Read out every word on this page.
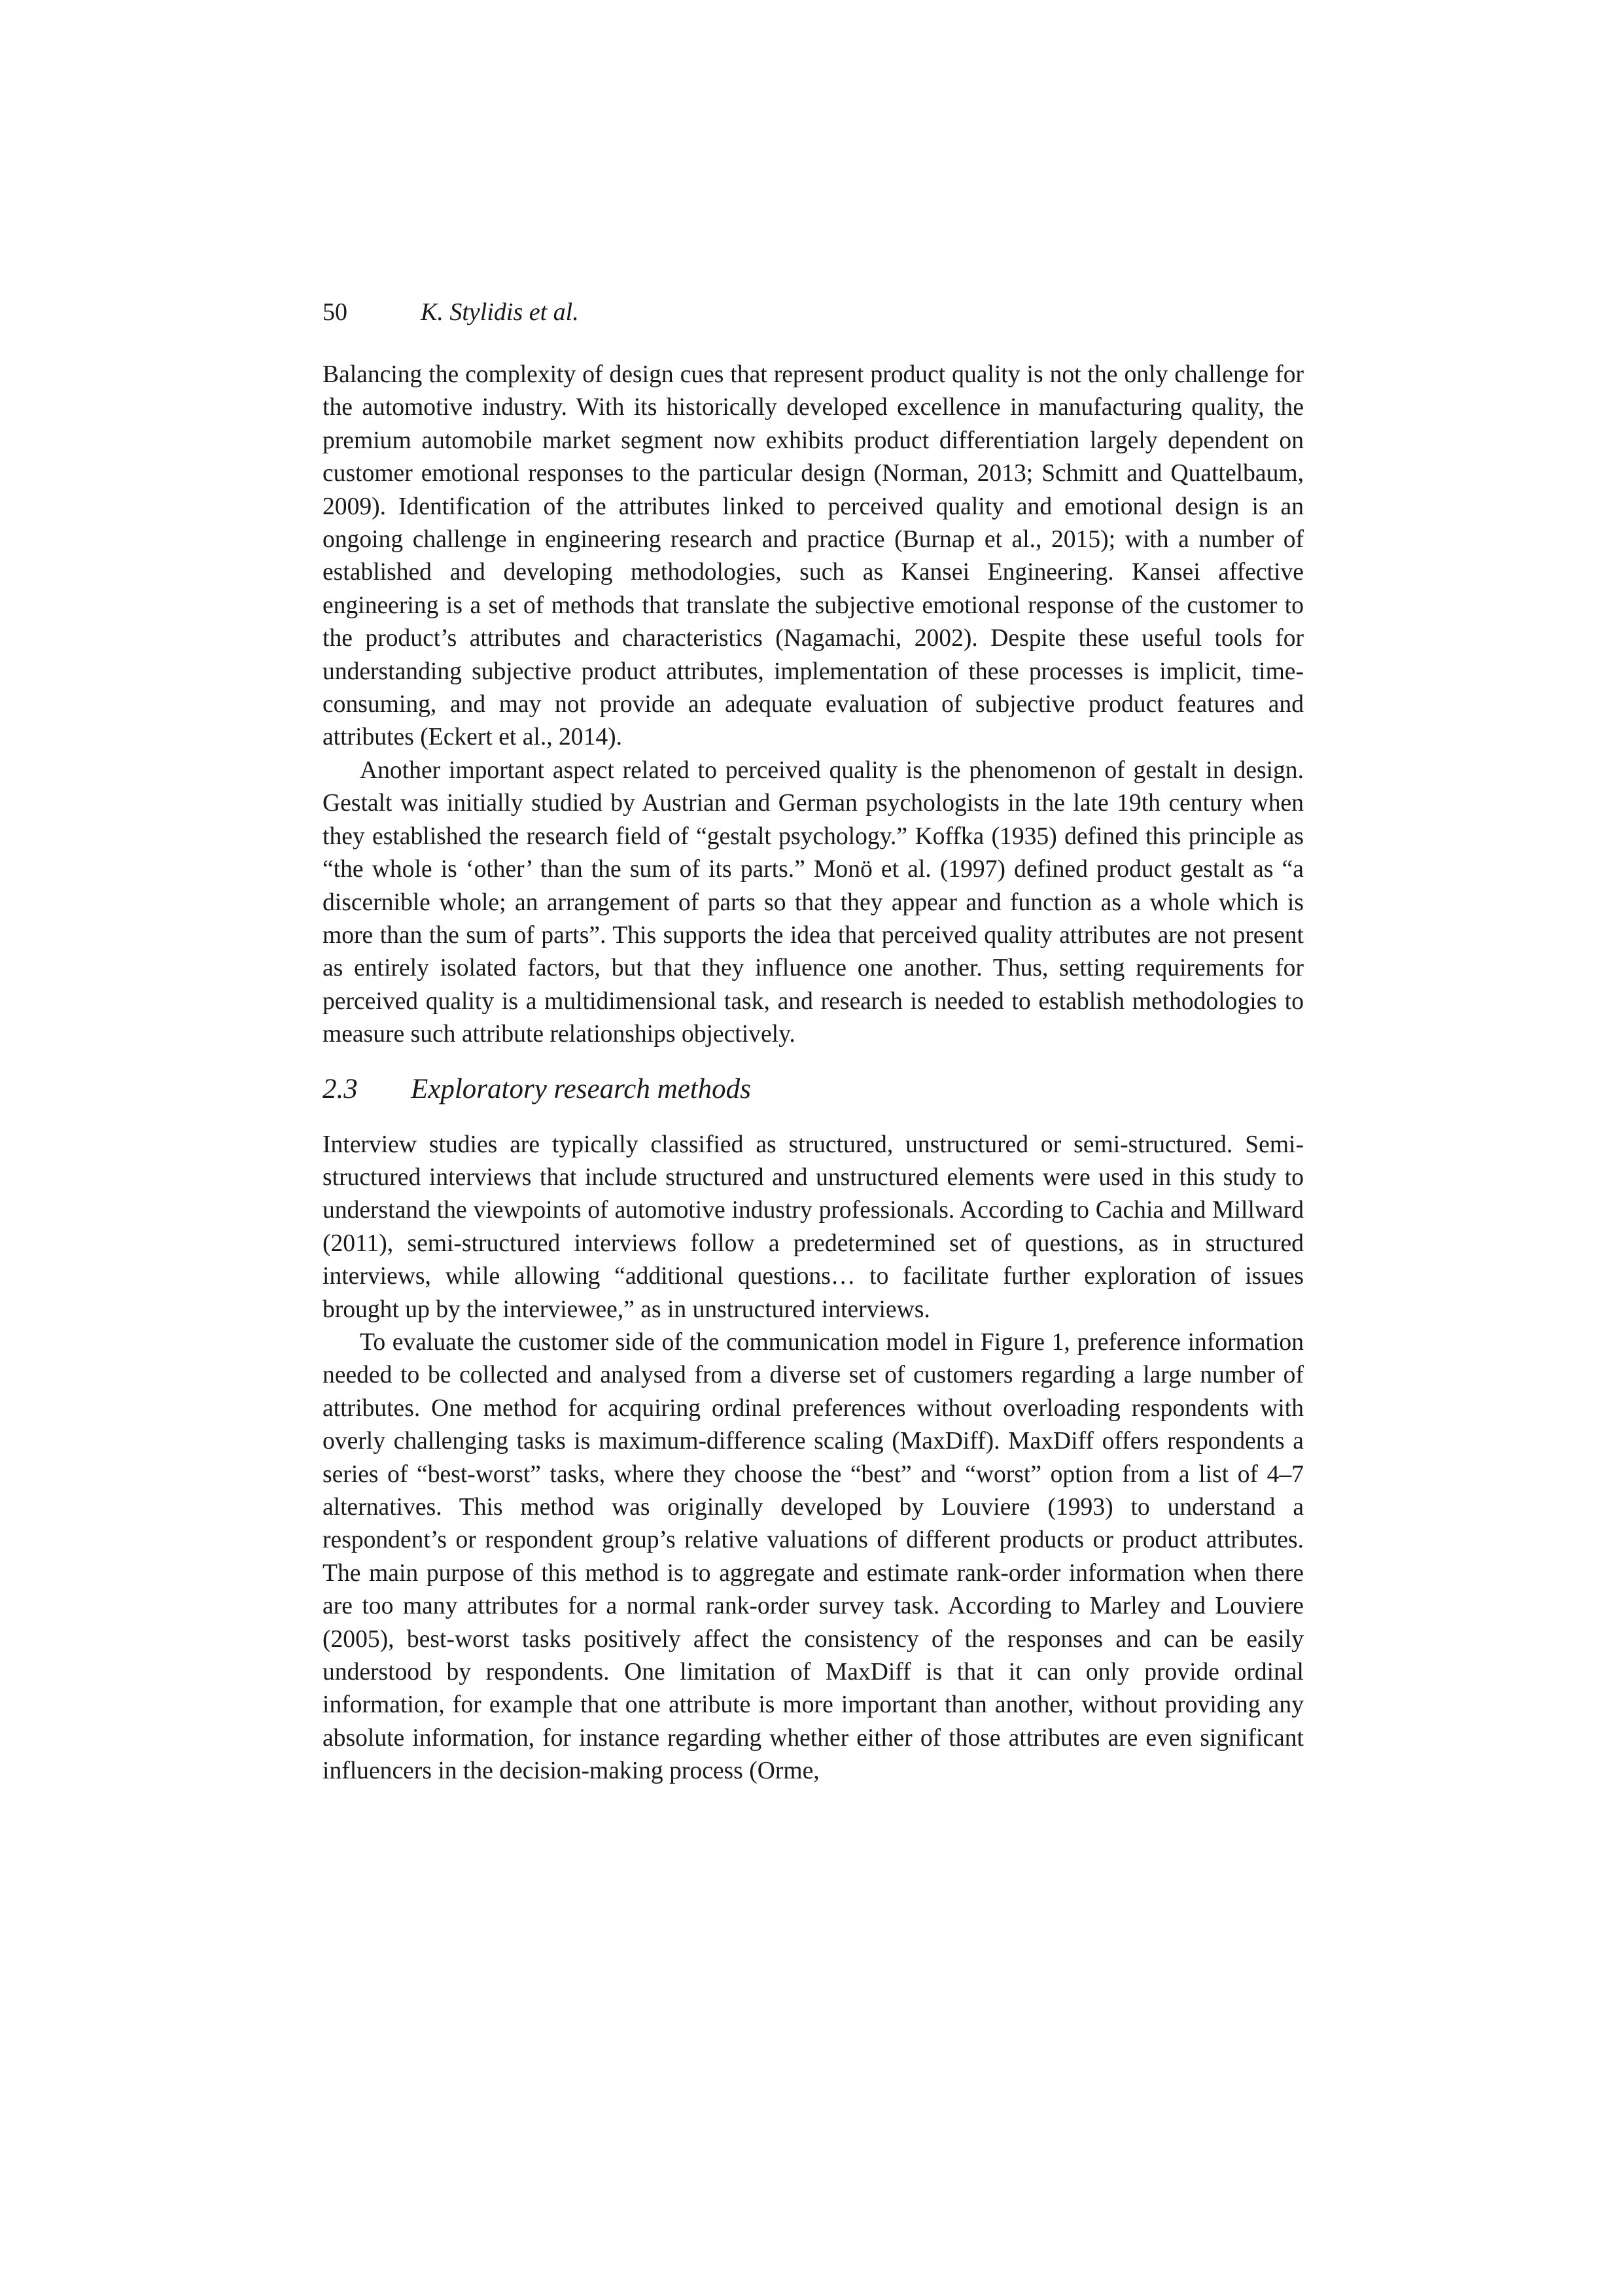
50	K. Stylidis et al.

Balancing the complexity of design cues that represent product quality is not the only challenge for the automotive industry. With its historically developed excellence in manufacturing quality, the premium automobile market segment now exhibits product differentiation largely dependent on customer emotional responses to the particular design (Norman, 2013; Schmitt and Quattelbaum, 2009). Identification of the attributes linked to perceived quality and emotional design is an ongoing challenge in engineering research and practice (Burnap et al., 2015); with a number of established and developing methodologies, such as Kansei Engineering. Kansei affective engineering is a set of methods that translate the subjective emotional response of the customer to the product’s attributes and characteristics (Nagamachi, 2002). Despite these useful tools for understanding subjective product attributes, implementation of these processes is implicit, time-consuming, and may not provide an adequate evaluation of subjective product features and attributes (Eckert et al., 2014).

Another important aspect related to perceived quality is the phenomenon of gestalt in design. Gestalt was initially studied by Austrian and German psychologists in the late 19th century when they established the research field of “gestalt psychology.” Koffka (1935) defined this principle as “the whole is ‘other’ than the sum of its parts.” Monö et al. (1997) defined product gestalt as “a discernible whole; an arrangement of parts so that they appear and function as a whole which is more than the sum of parts”. This supports the idea that perceived quality attributes are not present as entirely isolated factors, but that they influence one another. Thus, setting requirements for perceived quality is a multidimensional task, and research is needed to establish methodologies to measure such attribute relationships objectively.

2.3 Exploratory research methods

Interview studies are typically classified as structured, unstructured or semi-structured. Semi-structured interviews that include structured and unstructured elements were used in this study to understand the viewpoints of automotive industry professionals. According to Cachia and Millward (2011), semi-structured interviews follow a predetermined set of questions, as in structured interviews, while allowing “additional questions… to facilitate further exploration of issues brought up by the interviewee,” as in unstructured interviews.

To evaluate the customer side of the communication model in Figure 1, preference information needed to be collected and analysed from a diverse set of customers regarding a large number of attributes. One method for acquiring ordinal preferences without overloading respondents with overly challenging tasks is maximum-difference scaling (MaxDiff). MaxDiff offers respondents a series of “best-worst” tasks, where they choose the “best” and “worst” option from a list of 4–7 alternatives. This method was originally developed by Louviere (1993) to understand a respondent’s or respondent group’s relative valuations of different products or product attributes. The main purpose of this method is to aggregate and estimate rank-order information when there are too many attributes for a normal rank-order survey task. According to Marley and Louviere (2005), best-worst tasks positively affect the consistency of the responses and can be easily understood by respondents. One limitation of MaxDiff is that it can only provide ordinal information, for example that one attribute is more important than another, without providing any absolute information, for instance regarding whether either of those attributes are even significant influencers in the decision-making process (Orme,
